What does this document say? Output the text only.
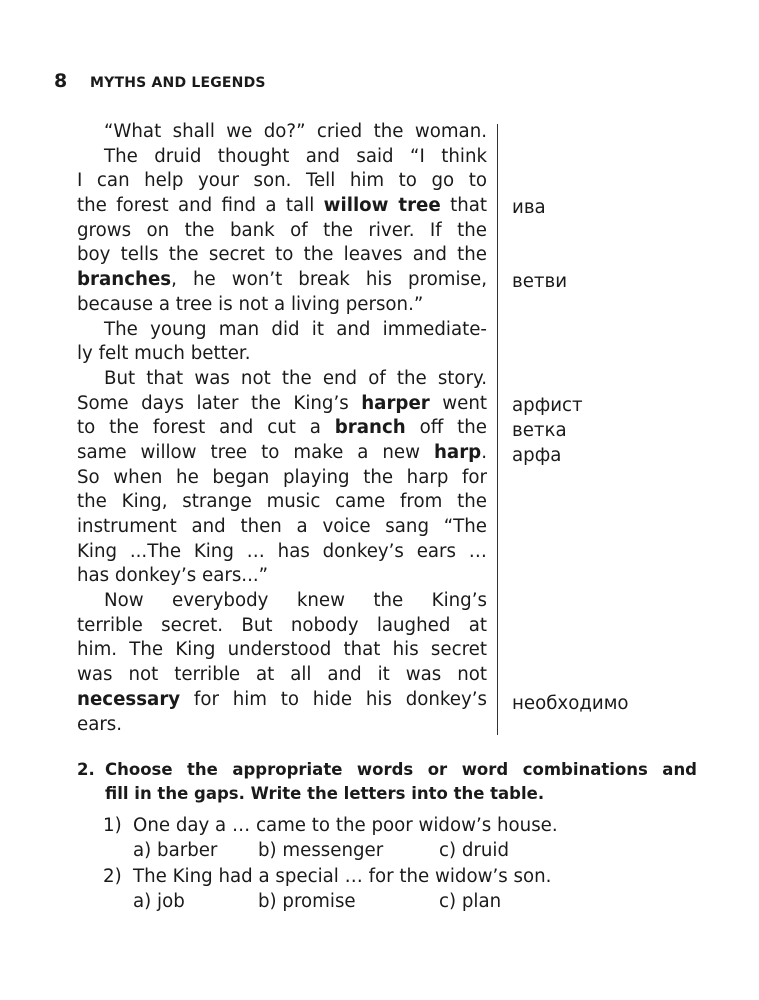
8	MYTHS AND LEGENDS
“What shall we do?” cried the woman.
The druid thought and said “I think
I can help your son. Tell him to go to
the forest and find a tall willow tree that
grows on the bank of the river. If the
boy tells the secret to the leaves and the
branches, he won’t break his promise,
because a tree is not a living person.”
The young man did it and immediate-
ly felt much better.
But that was not the end of the story.
Some days later the King’s harper went
to the forest and cut a branch off the
same willow tree to make a new harp.
So when he began playing the harp for
the King, strange music came from the
instrument and then a voice sang “The
King ...The King … has donkey’s ears …
has donkey’s ears...”
Now everybody knew the King’s
terrible secret. But nobody laughed at
him. The King understood that his secret
was not terrible at all and it was not
necessary for him to hide his donkey’s
ears.
ива
ветви
арфист
ветка
арфа
необходимо
2. Choose the appropriate words or word combinations and
fill in the gaps. Write the letters into the table.
1) One day a … came to the poor widow’s house.
a) barber b) messenger	c) druid
2) The King had a special … for the widow’s son.
a) job	b) promise	c) plan
